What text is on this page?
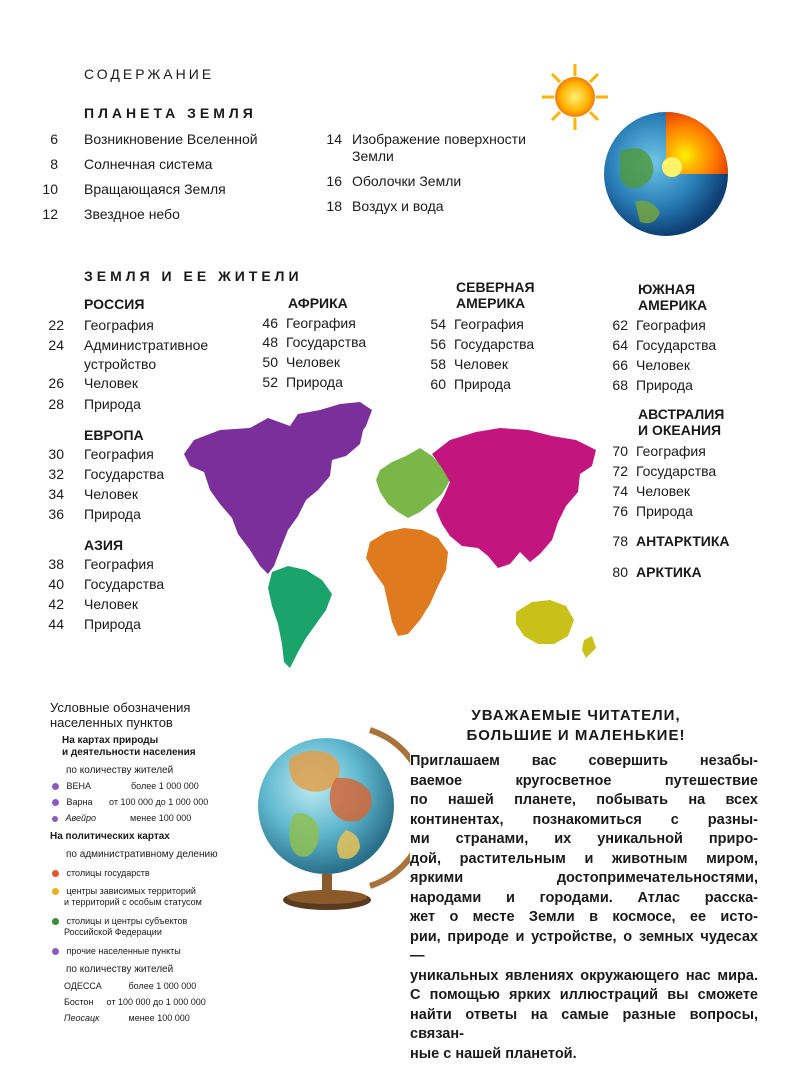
СОДЕРЖАНИЕ
ПЛАНЕТА ЗЕМЛЯ
6 Возникновение Вселенной
8 Солнечная система
10 Вращающаяся Земля
12 Звездное небо
14 Изображение поверхности
Земли
16 Оболочки Земли
18 Воздух и вода
ЗЕМЛЯ И ЕЕ ЖИТЕЛИ
РОССИЯ
22 География
24 Административное
устройство
26 Человек
28 Природа
ЕВРОПА
30 География
32 Государства
34 Человек
36 Природа
АЗИЯ
38 География
40 Государства
42 Человек
44 Природа
АФРИКА
46 География
48 Государства
50 Человек
52 Природа
СЕВЕРНАЯ
АМЕРИКА
54 География
56 Государства
58 Человек
60 Природа
ЮЖНАЯ
АМЕРИКА
62 География
64 Государства
66 Человек
68 Природа
АВСТРАЛИЯ
И ОКЕАНИЯ
70 География
72 Государства
74 Человек
76 Природа
78 АНТАРКТИКА
80 АРКТИКА
Условные обозначения
населенных пунктов
На картах природы
и деятельности населения
по количеству жителей
ВЕНА	более 1 000 000
Варна от 100 000 до 1 000 000
Авейро	менее 100 000
На политических картах
по административному делению
столицы государств
центры зависимых территорий
и территорий с особым статусом
столицы и центры субъектов
Российской Федерации
прочие населенные пункты
по количеству жителей
ОДЕССА	более 1 000 000
Бостон от 100 000 до 1 000 000
Пеосацк	менее 100 000
УВАЖАЕМЫЕ ЧИТАТЕЛИ,
БОЛЬШИЕ И МАЛЕНЬКИЕ!
Приглашаем вас совершить незабы-
ваемое кругосветное путешествие
по нашей планете, побывать на всех
континентах, познакомиться с разны-
ми странами, их уникальной приро-
дой, растительным и животным миром,
яркими достопримечательностями,
народами и городами. Атлас расска-
жет о месте Земли в космосе, ее исто-
рии, природе и устройстве, о земных чудесах —
уникальных явлениях окружающего нас мира.
С помощью ярких иллюстраций вы сможете
найти ответы на самые разные вопросы, связан-
ные с нашей планетой.
